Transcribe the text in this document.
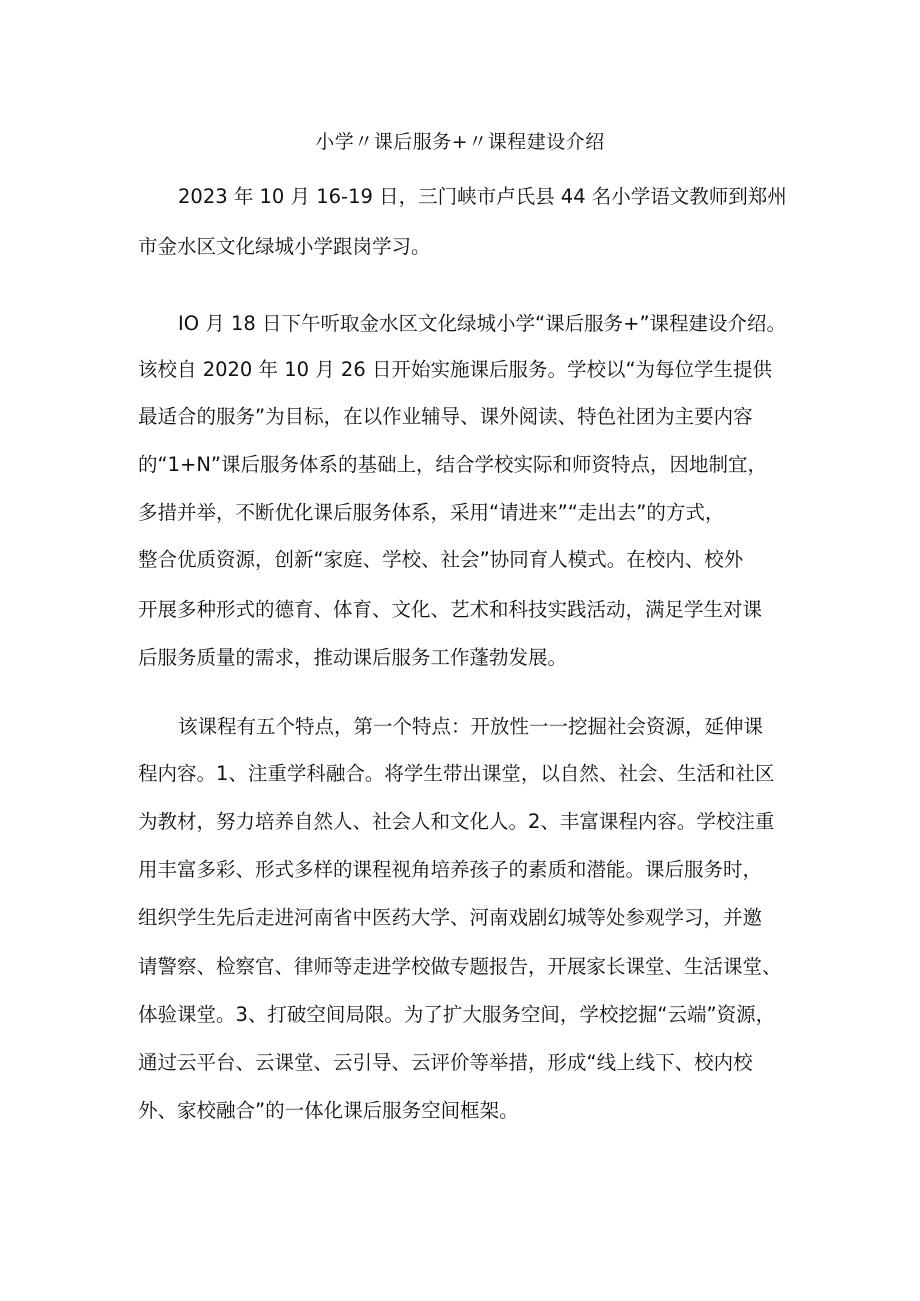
小学〃课后服务+〃课程建设介绍

2023 年 10 月 16-19 日，三门峡市卢氏县 44 名小学语文教师到郑州

市金水区文化绿城小学跟岗学习。

IO 月 18 日下午听取金水区文化绿城小学“课后服务+”课程建设介绍。

该校自 2020 年 10 月 26 日开始实施课后服务。学校以“为每位学生提供

最适合的服务”为目标，在以作业辅导、课外阅读、特色社团为主要内容

的“1+N”课后服务体系的基础上，结合学校实际和师资特点，因地制宜，

多措并举，不断优化课后服务体系，采用“请进来”“走出去”的方式，

整合优质资源，创新“家庭、学校、社会”协同育人模式。在校内、校外

开展多种形式的德育、体育、文化、艺术和科技实践活动，满足学生对课

后服务质量的需求，推动课后服务工作蓬勃发展。

该课程有五个特点，第一个特点：开放性一一挖掘社会资源，延伸课

程内容。1、注重学科融合。将学生带出课堂，以自然、社会、生活和社区

为教材，努力培养自然人、社会人和文化人。2、丰富课程内容。学校注重

用丰富多彩、形式多样的课程视角培养孩子的素质和潜能。课后服务时，

组织学生先后走进河南省中医药大学、河南戏剧幻城等处参观学习，并邀

请警察、检察官、律师等走进学校做专题报告，开展家长课堂、生活课堂、

体验课堂。3、打破空间局限。为了扩大服务空间，学校挖掘“云端”资源，

通过云平台、云课堂、云引导、云评价等举措，形成“线上线下、校内校

外、家校融合”的一体化课后服务空间框架。
